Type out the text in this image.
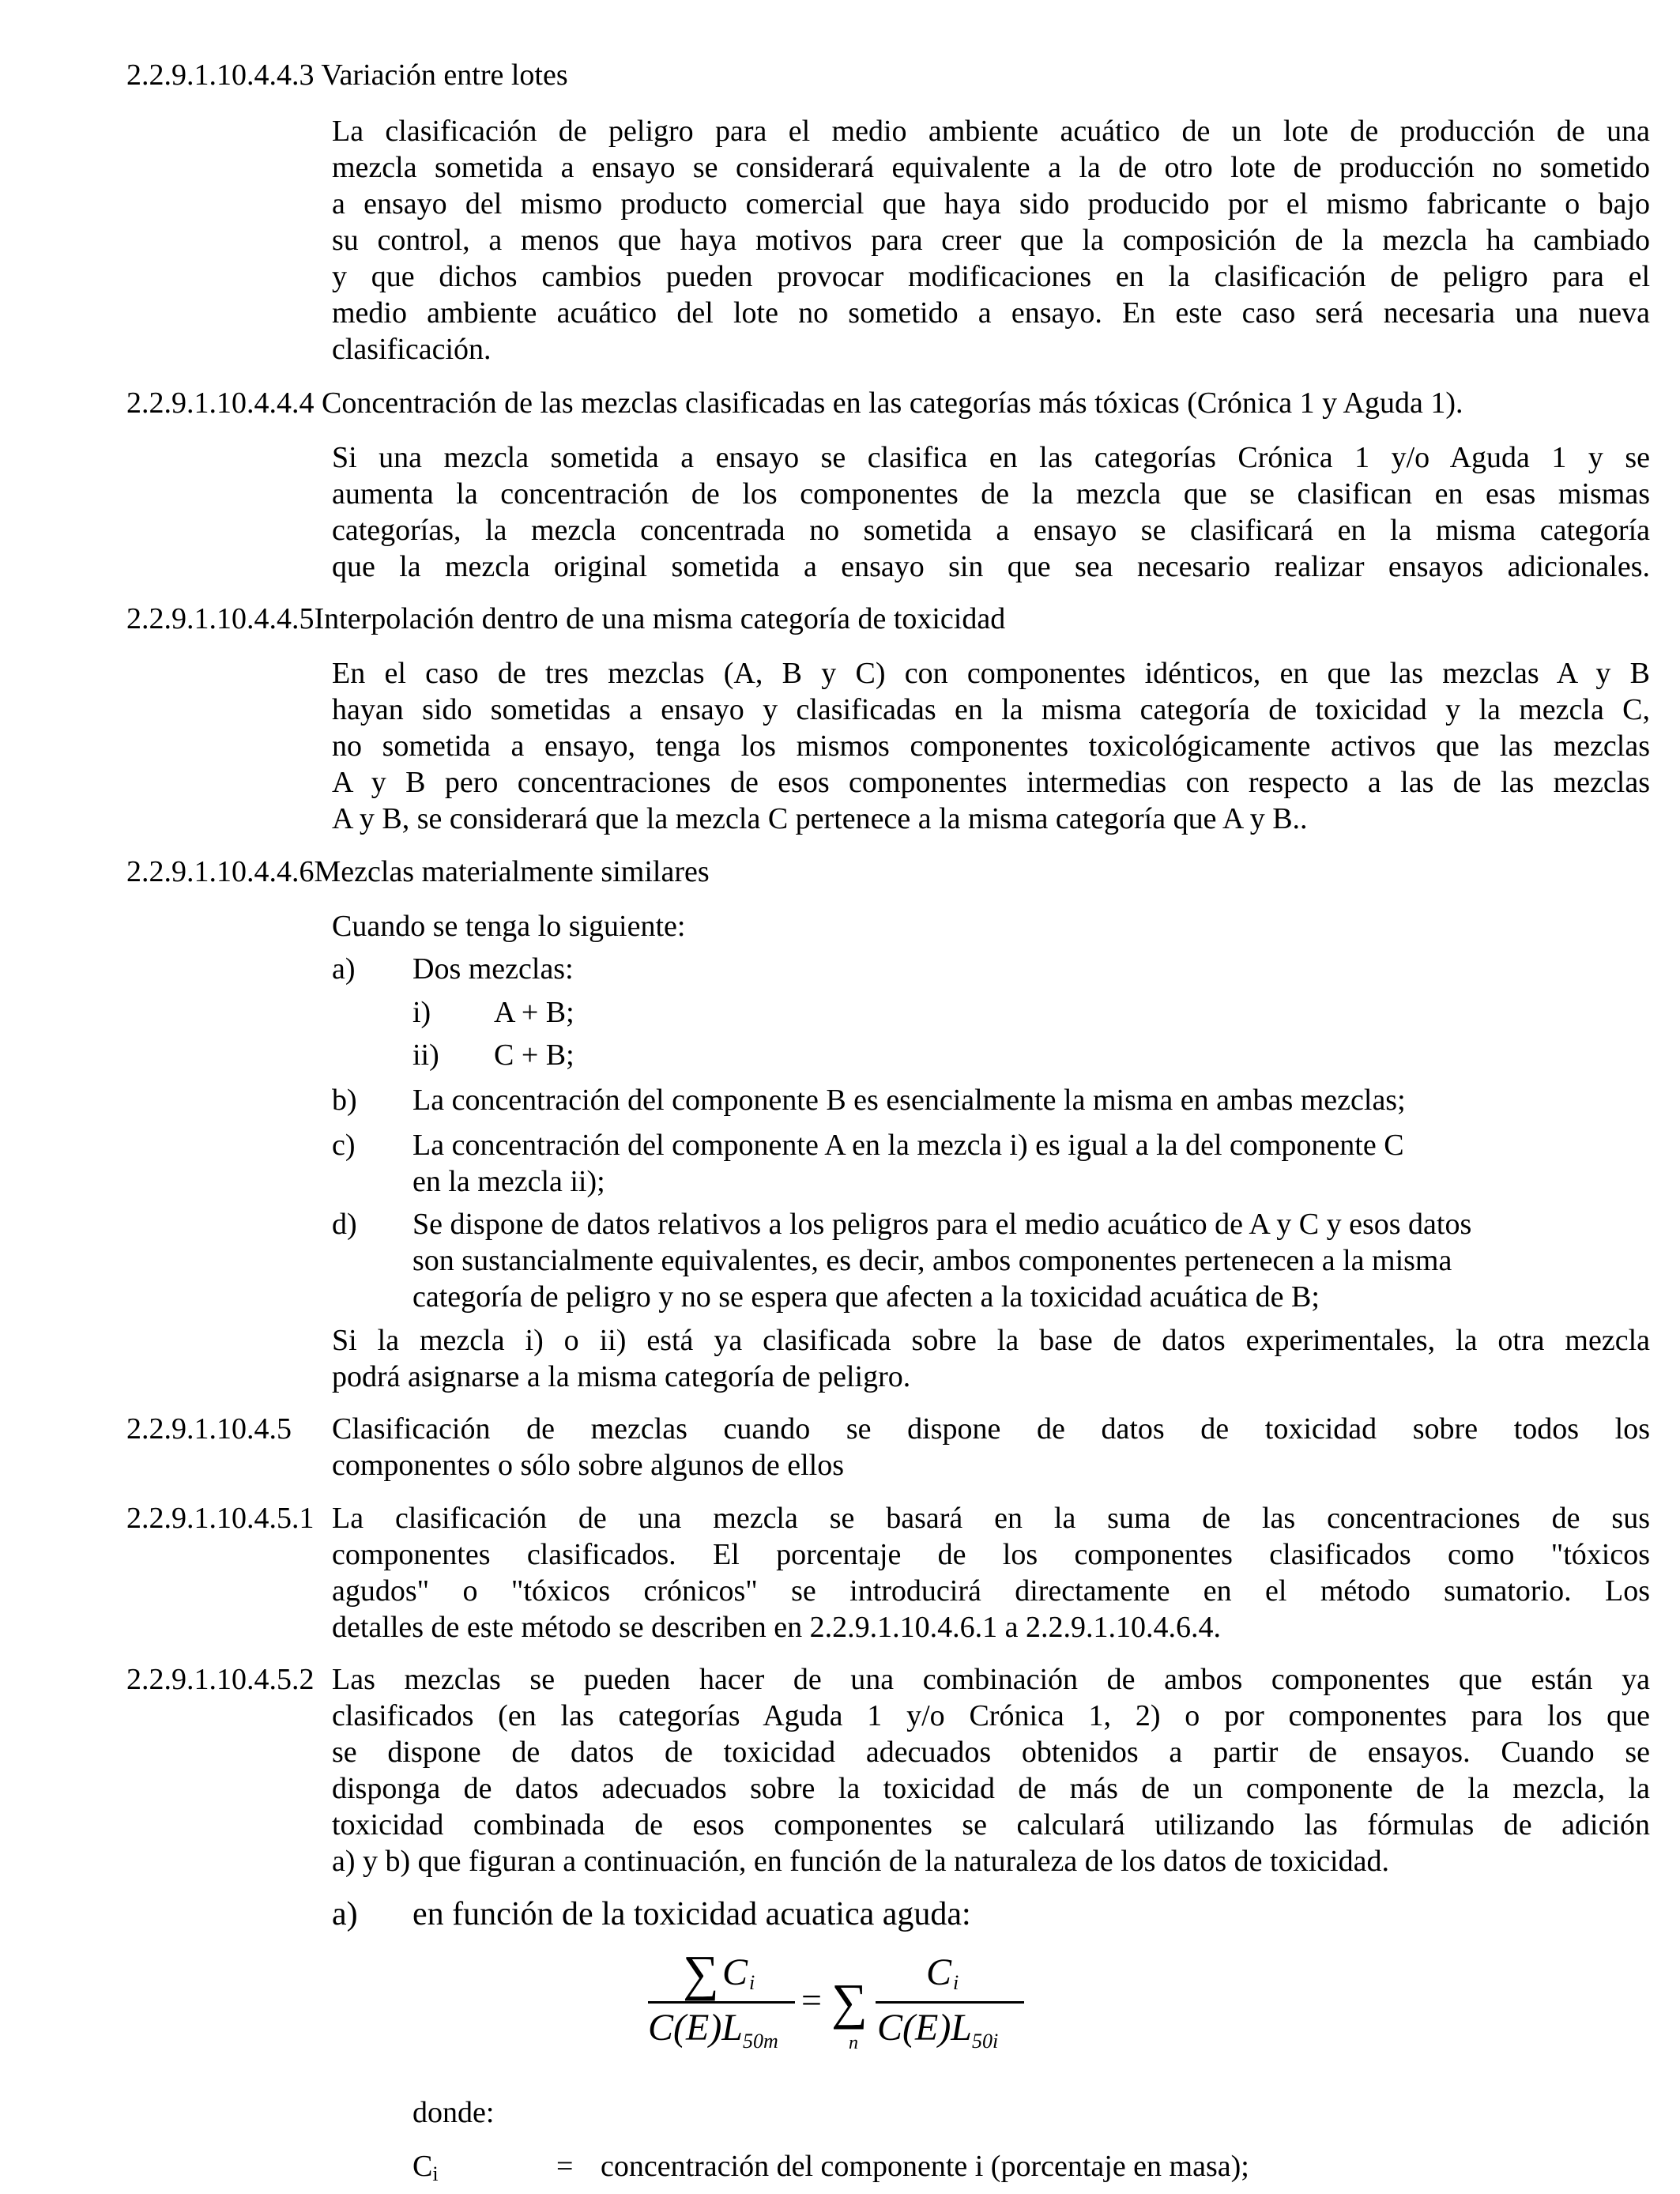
2.2.9.1.10.4.4.3 Variación entre lotes
La clasificación de peligro para el medio ambiente acuático de un lote de producción de una
mezcla sometida a ensayo se considerará equivalente a la de otro lote de producción no sometido
a ensayo del mismo producto comercial que haya sido producido por el mismo fabricante o bajo
su control, a menos que haya motivos para creer que la composición de la mezcla ha cambiado
y que dichos cambios pueden provocar modificaciones en la clasificación de peligro para el
medio ambiente acuático del lote no sometido a ensayo. En este caso será necesaria una nueva
clasificación.
2.2.9.1.10.4.4.4 Concentración de las mezclas clasificadas en las categorías más tóxicas (Crónica 1 y Aguda 1).
Si una mezcla sometida a ensayo se clasifica en las categorías Crónica 1 y/o Aguda 1 y se
aumenta la concentración de los componentes de la mezcla que se clasifican en esas mismas
categorías, la mezcla concentrada no sometida a ensayo se clasificará en la misma categoría
que la mezcla original sometida a ensayo sin que sea necesario realizar ensayos adicionales.
2.2.9.1.10.4.4.5Interpolación dentro de una misma categoría de toxicidad
En el caso de tres mezclas (A, B y C) con componentes idénticos, en que las mezclas A y B
hayan sido sometidas a ensayo y clasificadas en la misma categoría de toxicidad y la mezcla C,
no sometida a ensayo, tenga los mismos componentes toxicológicamente activos que las mezclas
A y B pero concentraciones de esos componentes intermedias con respecto a las de las mezclas
A y B, se considerará que la mezcla C pertenece a la misma categoría que A y B..
2.2.9.1.10.4.4.6Mezclas materialmente similares
Cuando se tenga lo siguiente:
a) Dos mezclas:
i) A + B;
ii) C + B;
b) La concentración del componente B es esencialmente la misma en ambas mezclas;
c) La concentración del componente A en la mezcla i) es igual a la del componente C
en la mezcla ii);
d) Se dispone de datos relativos a los peligros para el medio acuático de A y C y esos datos
son sustancialmente equivalentes, es decir, ambos componentes pertenecen a la misma
categoría de peligro y no se espera que afecten a la toxicidad acuática de B;
Si la mezcla i) o ii) está ya clasificada sobre la base de datos experimentales, la otra mezcla
podrá asignarse a la misma categoría de peligro.
2.2.9.1.10.4.5 Clasificación de mezclas cuando se dispone de datos de toxicidad sobre todos los
componentes o sólo sobre algunos de ellos
2.2.9.1.10.4.5.1 La clasificación de una mezcla se basará en la suma de las concentraciones de sus
componentes clasificados. El porcentaje de los componentes clasificados como "tóxicos
agudos" o "tóxicos crónicos" se introducirá directamente en el método sumatorio. Los
detalles de este método se describen en 2.2.9.1.10.4.6.1 a 2.2.9.1.10.4.6.4.
2.2.9.1.10.4.5.2 Las mezclas se pueden hacer de una combinación de ambos componentes que están ya
clasificados (en las categorías Aguda 1 y/o Crónica 1, 2) o por componentes para los que
se dispone de datos de toxicidad adecuados obtenidos a partir de ensayos. Cuando se
disponga de datos adecuados sobre la toxicidad de más de un componente de la mezcla, la
toxicidad combinada de esos componentes se calculará utilizando las fórmulas de adición
a) y b) que figuran a continuación, en función de la naturaleza de los datos de toxicidad.
a) en función de la toxicidad acuatica aguda:
∑ C i
C(E)L 50m
= ∑
n
C i
C(E)L 50i
donde:
Ci	= concentración del componente i (porcentaje en masa);
